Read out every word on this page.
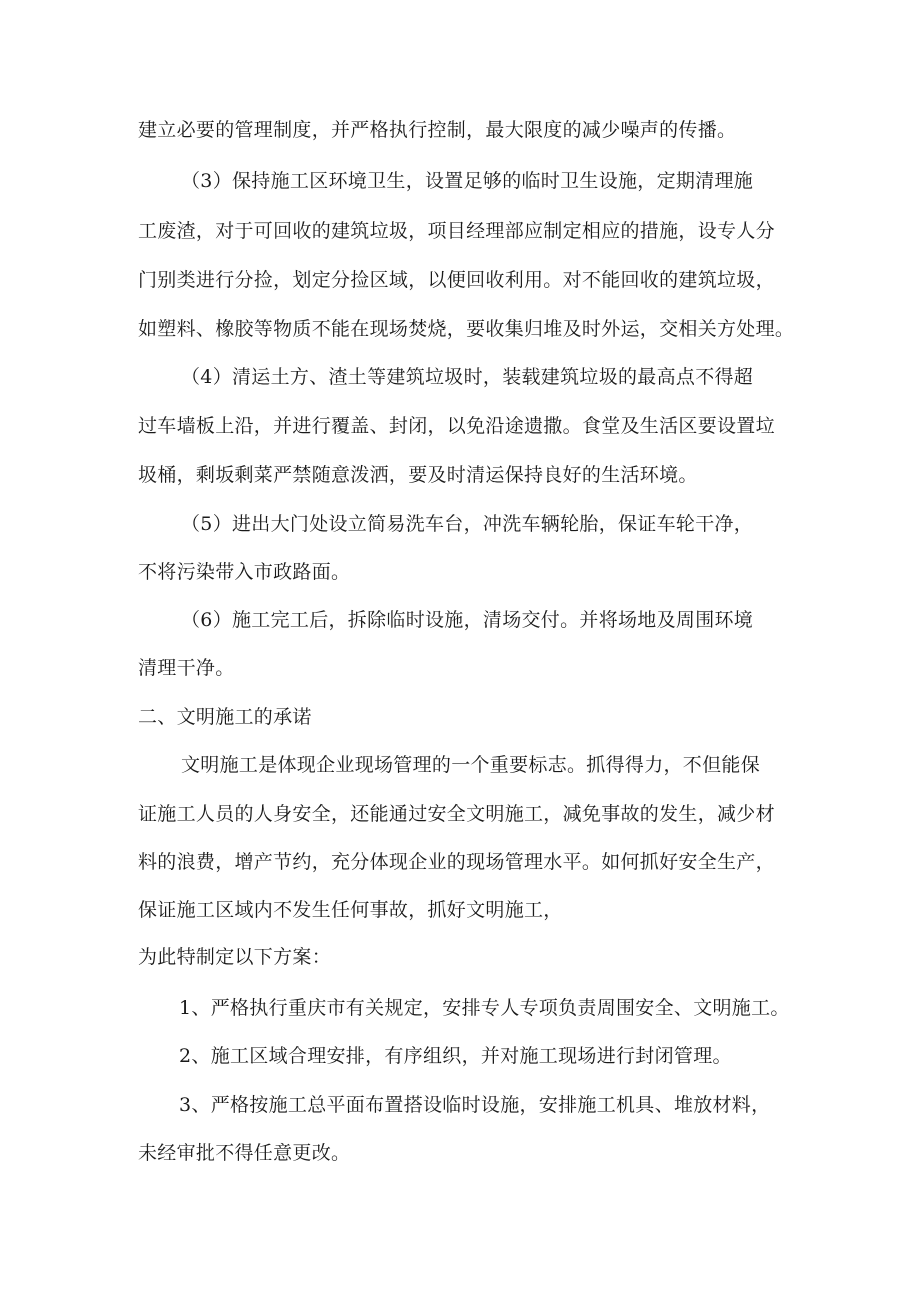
建立必要的管理制度，并严格执行控制，最大限度的减少噪声的传播。
（3）保持施工区环境卫生，设置足够的临时卫生设施，定期清理施
工废渣，对于可回收的建筑垃圾，项目经理部应制定相应的措施，设专人分
门别类进行分捡，划定分捡区域，以便回收利用。对不能回收的建筑垃圾，
如塑料、橡胶等物质不能在现场焚烧，要收集归堆及时外运，交相关方处理。
（4）清运土方、渣土等建筑垃圾时，装载建筑垃圾的最高点不得超
过车墙板上沿，并进行覆盖、封闭，以免沿途遗撒。食堂及生活区要设置垃
圾桶，剩坂剩菜严禁随意泼洒，要及时清运保持良好的生活环境。
（5）进出大门处设立简易洗车台，冲洗车辆轮胎，保证车轮干净，
不将污染带入市政路面。
（6）施工完工后，拆除临时设施，清场交付。并将场地及周围环境
清理干净。
二、文明施工的承诺
文明施工是体现企业现场管理的一个重要标志。抓得得力，不但能保
证施工人员的人身安全，还能通过安全文明施工，减免事故的发生，减少材
料的浪费，增产节约，充分体现企业的现场管理水平。如何抓好安全生产，
保证施工区域内不发生任何事故，抓好文明施工，
为此特制定以下方案：
1、严格执行重庆市有关规定，安排专人专项负责周围安全、文明施工。
2、施工区域合理安排，有序组织，并对施工现场进行封闭管理。
3、严格按施工总平面布置搭设临时设施，安排施工机具、堆放材料，
未经审批不得任意更改。
